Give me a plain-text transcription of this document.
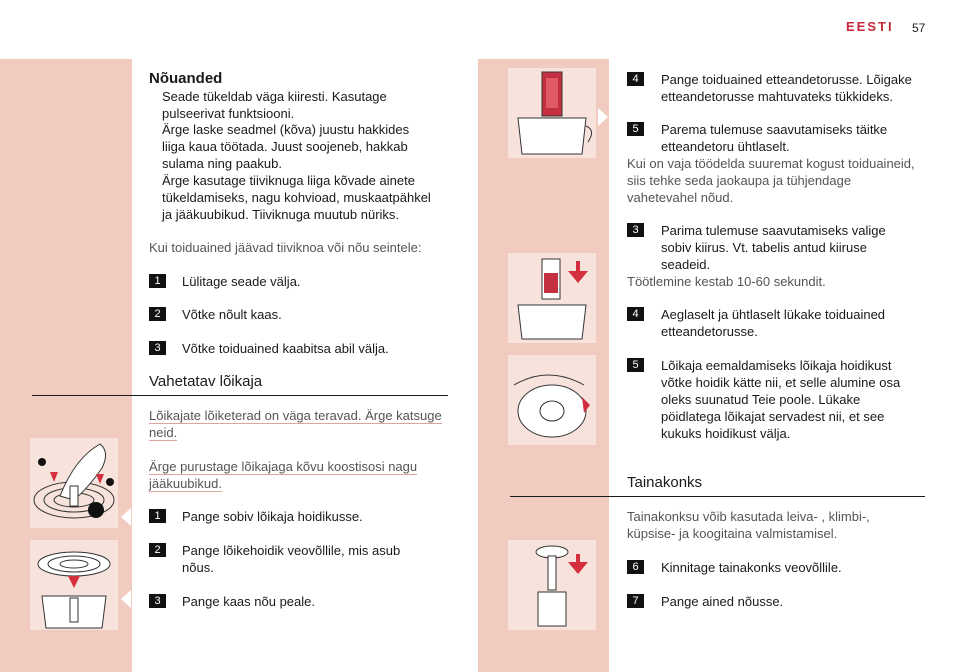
EESTI 57
Nõuanded
Seade tükeldab väga kiiresti. Kasutage
pulseerivat funktsiooni.
Ärge laske seadmel (kõva) juustu hakkides
liiga kaua töötada. Juust soojeneb, hakkab
sulama ning paakub.
Ärge kasutage tiiviknuga liiga kõvade ainete
tükeldamiseks, nagu kohvioad, muskaatpähkel
ja jääkuubikud. Tiiviknuga muutub nüriks.
Kui toiduained jäävad tiiviknoa või nõu seintele:
1	Lülitage seade välja.
2	Võtke nõult kaas.
3	Võtke toiduained kaabitsa abil välja.
Vahetatav lõikaja
Lõikajate lõiketerad on väga teravad. Ärge katsuge
neid.
Ärge purustage lõikajaga kõvu koostisosi nagu
jääkuubikud.
1	Pange sobiv lõikaja hoidikusse.
2	Pange lõikehoidik veovõllile, mis asub
nõus.
3	Pange kaas nõu peale.
4	Pange toiduained etteandetorusse. Lõigake
etteandetorusse mahtuvateks tükkideks.
5	Parema tulemuse saavutamiseks täitke
etteandetoru ühtlaselt.
Kui on vaja töödelda suuremat kogust toiduaineid,
siis tehke seda jaokaupa ja tühjendage
vahetevahel nõud.
3	Parima tulemuse saavutamiseks valige
sobiv kiirus. Vt. tabelis antud kiiruse
seadeid.
Töötlemine kestab 10-60 sekundit.
4	Aeglaselt ja ühtlaselt lükake toiduained
etteandetorusse.
5	Lõikaja eemaldamiseks lõikaja hoidikust
võtke hoidik kätte nii, et selle alumine osa
oleks suunatud Teie poole. Lükake
pöidlatega lõikajat servadest nii, et see
kukuks hoidikust välja.
Tainakonks
Tainakonksu võib kasutada leiva- , klimbi-,
küpsise- ja koogitaina valmistamisel.
6	Kinnitage tainakonks veovõllile.
7	Pange ained nõusse.
